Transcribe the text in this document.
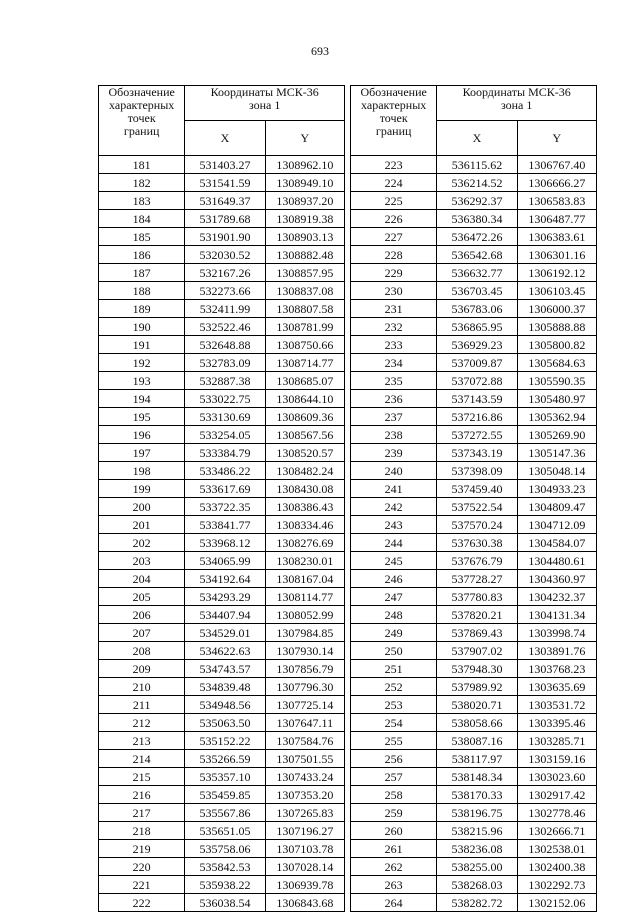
693
Обозначение
характерных
точек
границ	Координаты МСК-36
зона 1	
	X	Y
181	531403.27	1308962.10
182	531541.59	1308949.10
183	531649.37	1308937.20
184	531789.68	1308919.38
185	531901.90	1308903.13
186	532030.52	1308882.48
187	532167.26	1308857.95
188	532273.66	1308837.08
189	532411.99	1308807.58
190	532522.46	1308781.99
191	532648.88	1308750.66
192	532783.09	1308714.77
193	532887.38	1308685.07
194	533022.75	1308644.10
195	533130.69	1308609.36
196	533254.05	1308567.56
197	533384.79	1308520.57
198	533486.22	1308482.24
199	533617.69	1308430.08
200	533722.35	1308386.43
201	533841.77	1308334.46
202	533968.12	1308276.69
203	534065.99	1308230.01
204	534192.64	1308167.04
205	534293.29	1308114.77
206	534407.94	1308052.99
207	534529.01	1307984.85
208	534622.63	1307930.14
209	534743.57	1307856.79
210	534839.48	1307796.30
211	534948.56	1307725.14
212	535063.50	1307647.11
213	535152.22	1307584.76
214	535266.59	1307501.55
215	535357.10	1307433.24
216	535459.85	1307353.20
217	535567.86	1307265.83
218	535651.05	1307196.27
219	535758.06	1307103.78
220	535842.53	1307028.14
221	535938.22	1306939.78
222	536038.54	1306843.68
Обозначение
характерных
точек
границ	Координаты МСК-36
зона 1	
	X	Y
223	536115.62	1306767.40
224	536214.52	1306666.27
225	536292.37	1306583.83
226	536380.34	1306487.77
227	536472.26	1306383.61
228	536542.68	1306301.16
229	536632.77	1306192.12
230	536703.45	1306103.45
231	536783.06	1306000.37
232	536865.95	1305888.88
233	536929.23	1305800.82
234	537009.87	1305684.63
235	537072.88	1305590.35
236	537143.59	1305480.97
237	537216.86	1305362.94
238	537272.55	1305269.90
239	537343.19	1305147.36
240	537398.09	1305048.14
241	537459.40	1304933.23
242	537522.54	1304809.47
243	537570.24	1304712.09
244	537630.38	1304584.07
245	537676.79	1304480.61
246	537728.27	1304360.97
247	537780.83	1304232.37
248	537820.21	1304131.34
249	537869.43	1303998.74
250	537907.02	1303891.76
251	537948.30	1303768.23
252	537989.92	1303635.69
253	538020.71	1303531.72
254	538058.66	1303395.46
255	538087.16	1303285.71
256	538117.97	1303159.16
257	538148.34	1303023.60
258	538170.33	1302917.42
259	538196.75	1302778.46
260	538215.96	1302666.71
261	538236.08	1302538.01
262	538255.00	1302400.38
263	538268.03	1302292.73
264	538282.72	1302152.06
